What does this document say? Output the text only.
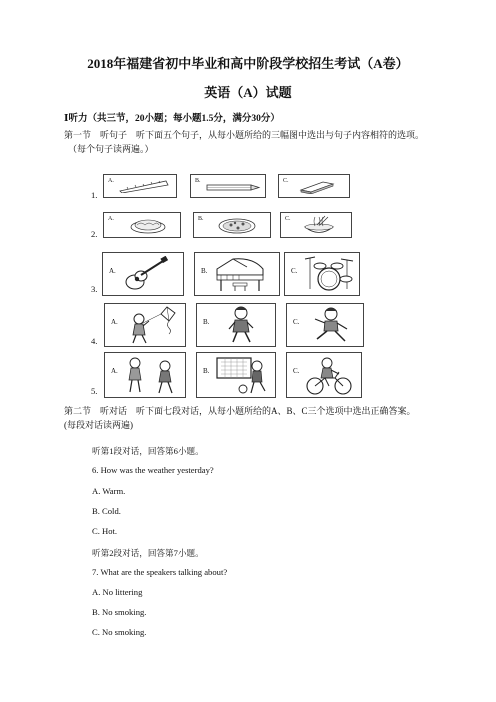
2018年福建省初中毕业和高中阶段学校招生考试（A卷）
英语（A）试题
Ⅰ听力（共三节，20小题；每小题1.5分，满分30分）
第一节　听句子　听下面五个句子，从每小题所给的三幅图中选出与句子内容相符的选项。
（每个句子读两遍。）
1.
A.	B.	C.
2.
A.	B.	C.
3.
A.	B.	C.
4.
A.	B.	C.
5.
A.	B.	C.
第二节　听对话　听下面七段对话，从每小题所给的A、B、C三个选项中选出正确答案。
(每段对话读两遍)
听第1段对话，回答第6小题。
6. How was the weather yesterday?
A. Warm.
B. Cold.
C. Hot.
听第2段对话，回答第7小题。
7. What are the speakers talking about?
A. No littering
B. No smoking.
C. No smoking.
